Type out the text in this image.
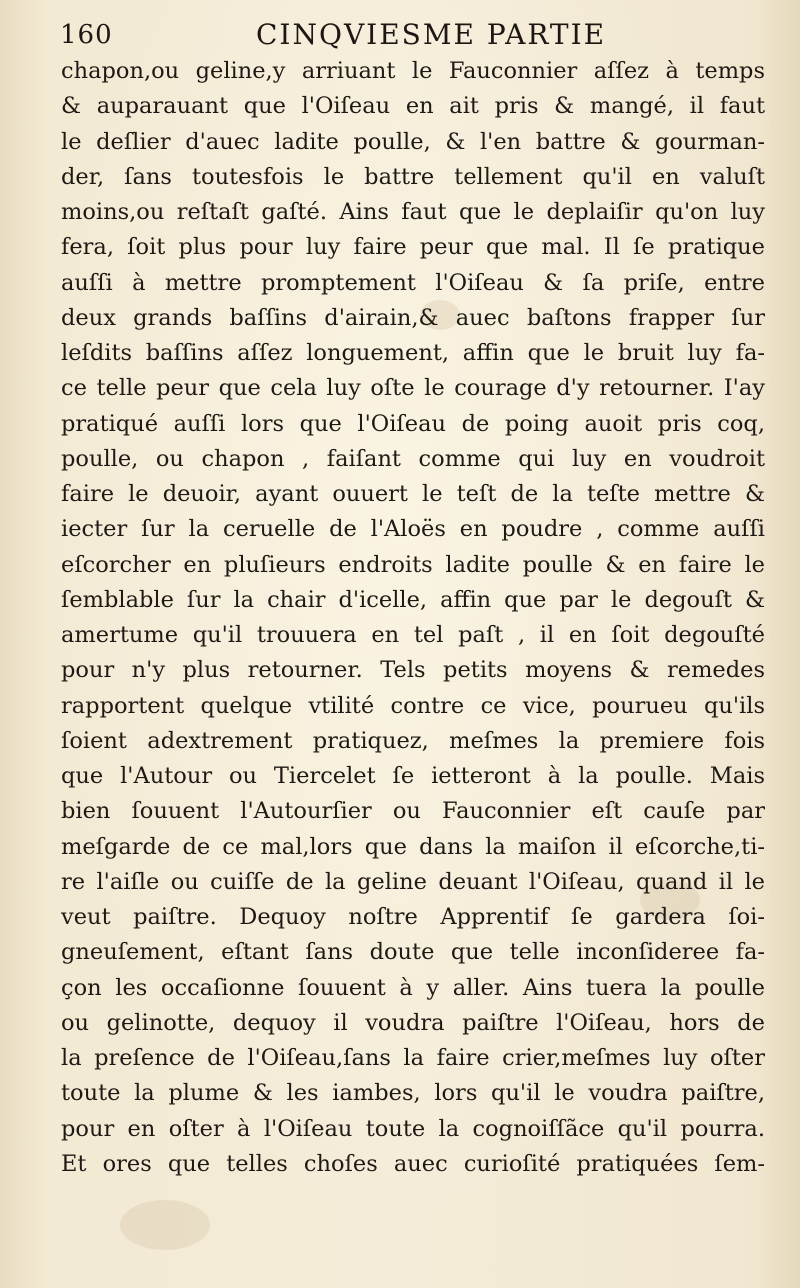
160	CINQVIESME PARTIE
chapon,ou geline,y arriuant le Fauconnier aſſez à temps
& auparauant que l'Oiſeau en ait pris & mangé, il faut
le deſlier d'auec ladite poulle, & l'en battre & gourman-
der, ſans toutesfois le battre tellement qu'il en valuſt
moins,ou reſtaſt gaſté. Ains faut que le deplaiſir qu'on luy
fera, ſoit plus pour luy faire peur que mal. Il ſe pratique
auſſi à mettre promptement l'Oiſeau & ſa priſe, entre
deux grands baſſins d'airain,& auec baſtons frapper ſur
leſdits baſſins aſſez longuement, affin que le bruit luy fa-
ce telle peur que cela luy oſte le courage d'y retourner. I'ay
pratiqué auſſi lors que l'Oiſeau de poing auoit pris coq,
poulle, ou chapon , faiſant comme qui luy en voudroit
faire le deuoir, ayant ouuert le teſt de la teſte mettre &
iecter ſur la ceruelle de l'Aloës en poudre , comme auſſi
eſcorcher en pluſieurs endroits ladite poulle & en faire le
ſemblable ſur la chair d'icelle, affin que par le degouſt &
amertume qu'il trouuera en tel paſt , il en ſoit degouſté
pour n'y plus retourner. Tels petits moyens & remedes
rapportent quelque vtilité contre ce vice, pourueu qu'ils
ſoient adextrement pratiquez, meſmes la premiere fois
que l'Autour ou Tiercelet ſe ietteront à la poulle. Mais
bien ſouuent l'Autourſier ou Fauconnier eſt cauſe par
meſgarde de ce mal,lors que dans la maiſon il eſcorche,ti-
re l'aiſle ou cuiſſe de la geline deuant l'Oiſeau, quand il le
veut paiſtre. Dequoy noſtre Apprentif ſe gardera ſoi-
gneuſement, eſtant ſans doute que telle inconſideree fa-
çon les occaſionne ſouuent à y aller. Ains tuera la poulle
ou gelinotte, dequoy il voudra paiſtre l'Oiſeau, hors de
la preſence de l'Oiſeau,ſans la faire crier,meſmes luy oſter
toute la plume & les iambes, lors qu'il le voudra paiſtre,
pour en oſter à l'Oiſeau toute la cognoiſſãce qu'il pourra.
Et ores que telles choſes auec curioſité pratiquées ſem-
